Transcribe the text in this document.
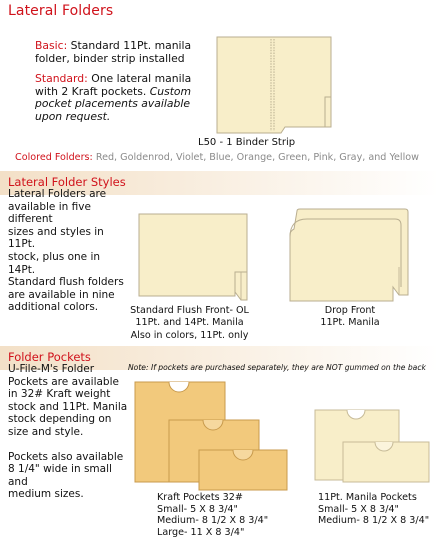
Lateral Folders
Basic: Standard 11Pt. manila
folder, binder strip installed
Standard: One lateral manila
with 2 Kraft pockets. Custom
pocket placements available
upon request.
L50 - 1 Binder Strip
Colored Folders: Red, Goldenrod, Violet, Blue, Orange, Green, Pink, Gray, and Yellow
Lateral Folder Styles
Lateral Folders are
available in five different
sizes and styles in 11Pt.
stock, plus one in 14Pt.
Standard flush folders
are available in nine
additional colors.	Standard Flush Front- OL
11Pt. and 14Pt. Manila
Also in colors, 11Pt. only
Drop Front
11Pt. Manila
Folder Pockets
Note: If pockets are purchased separately, they are NOT gummed on the back
U-File-M's Folder
Pockets are available
in 32# Kraft weight
stock and 11Pt. Manila
stock depending on
size and style.
Pockets also available
8 1/4" wide in small and
medium sizes.	Kraft Pockets 32#
Small- 5 X 8 3/4"
Medium- 8 1/2 X 8 3/4"
Large- 11 X 8 3/4"
11Pt. Manila Pockets
Small- 5 X 8 3/4"
Medium- 8 1/2 X 8 3/4"
